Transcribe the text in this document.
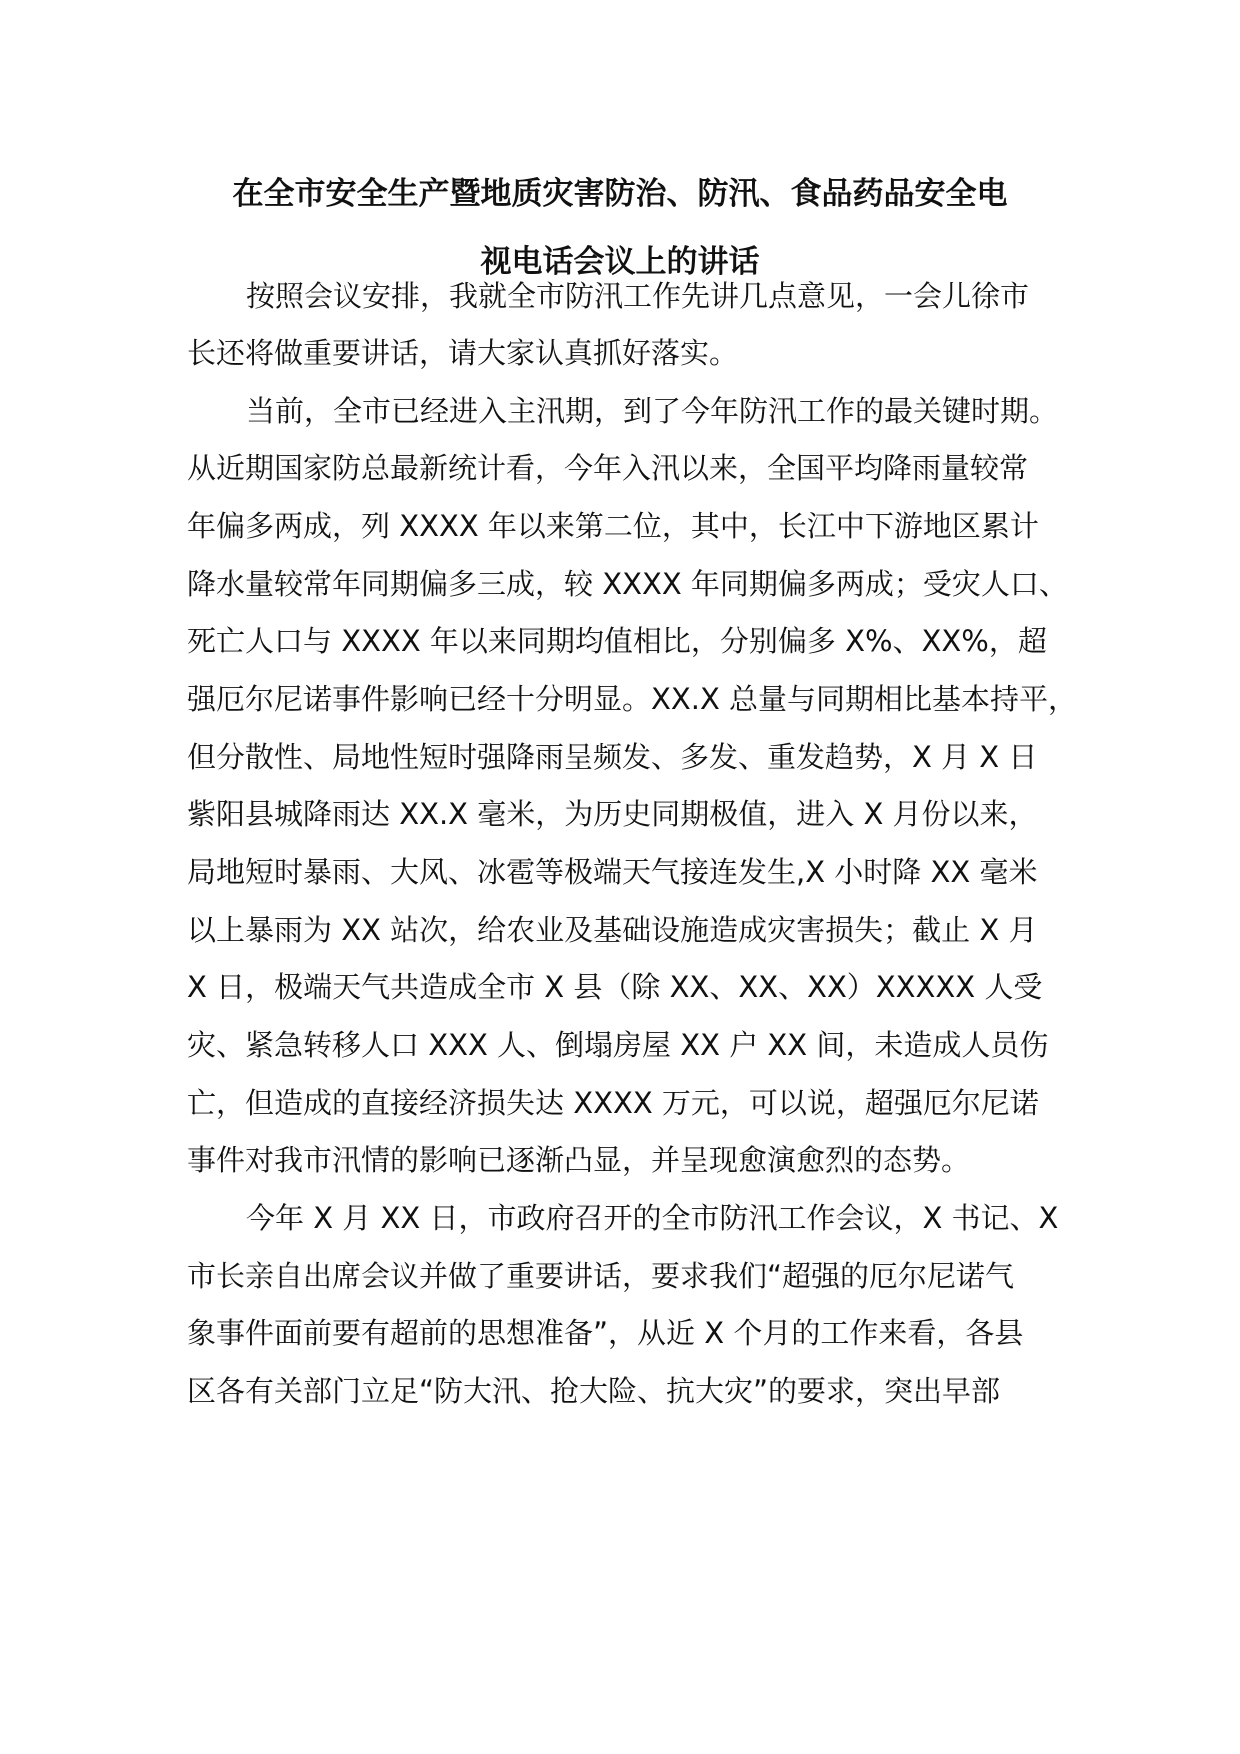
在全市安全生产暨地质灾害防治、防汛、食品药品安全电
视电话会议上的讲话
按照会议安排，我就全市防汛工作先讲几点意见，一会儿徐市
长还将做重要讲话，请大家认真抓好落实。
当前，全市已经进入主汛期，到了今年防汛工作的最关键时期。
从近期国家防总最新统计看，今年入汛以来，全国平均降雨量较常
年偏多两成，列 XXXX 年以来第二位，其中，长江中下游地区累计
降水量较常年同期偏多三成，较 XXXX 年同期偏多两成；受灾人口、
死亡人口与 XXXX 年以来同期均值相比，分别偏多 X%、XX%，超
强厄尔尼诺事件影响已经十分明显。XX.X 总量与同期相比基本持平，
但分散性、局地性短时强降雨呈频发、多发、重发趋势，X 月 X 日
紫阳县城降雨达 XX.X 毫米，为历史同期极值，进入 X 月份以来，
局地短时暴雨、大风、冰雹等极端天气接连发生,X 小时降 XX 毫米
以上暴雨为 XX 站次，给农业及基础设施造成灾害损失；截止 X 月
X 日，极端天气共造成全市 X 县（除 XX、XX、XX）XXXXX 人受
灾、紧急转移人口 XXX 人、倒塌房屋 XX 户 XX 间，未造成人员伤
亡，但造成的直接经济损失达 XXXX 万元，可以说，超强厄尔尼诺
事件对我市汛情的影响已逐渐凸显，并呈现愈演愈烈的态势。
今年 X 月 XX 日，市政府召开的全市防汛工作会议，X 书记、X
市长亲自出席会议并做了重要讲话，要求我们“超强的厄尔尼诺气
象事件面前要有超前的思想准备”，从近 X 个月的工作来看，各县
区各有关部门立足“防大汛、抢大险、抗大灾”的要求，突出早部
